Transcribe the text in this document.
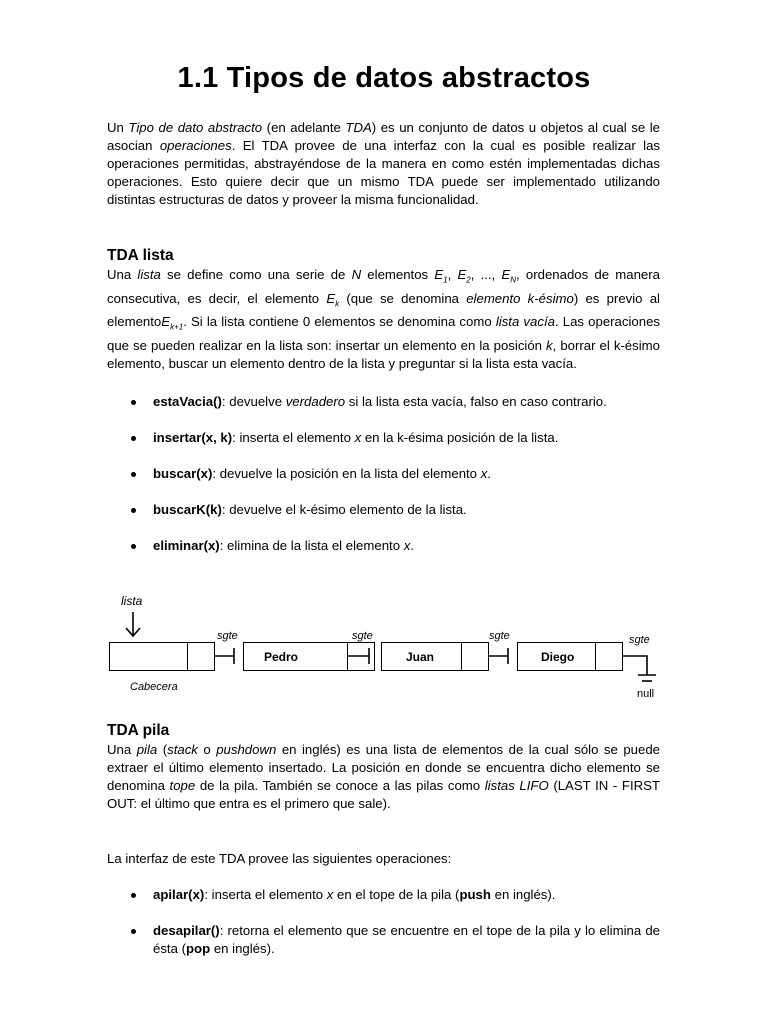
1.1 Tipos de datos abstractos

Un Tipo de dato abstracto (en adelante TDA) es un conjunto de datos u objetos al cual se le asocian operaciones. El TDA provee de una interfaz con la cual es posible realizar las operaciones permitidas, abstrayéndose de la manera en como estén implementadas dichas operaciones. Esto quiere decir que un mismo TDA puede ser implementado utilizando distintas estructuras de datos y proveer la misma funcionalidad.

TDA lista

Una lista se define como una serie de N elementos $E_1$, $E_2$, ..., $E_N$, ordenados de manera consecutiva, es decir, el elemento $E_k$ (que se denomina elemento k-ésimo) es previo al elementoE$_{k+1}$. Si la lista contiene 0 elementos se denomina como lista vacía. Las operaciones que se pueden realizar en la lista son: insertar un elemento en la posición k, borrar el k-ésimo elemento, buscar un elemento dentro de la lista y preguntar si la lista esta vacía.

estaVacia(): devuelve verdadero si la lista esta vacía, falso en caso contrario.
insertar(x, k): inserta el elemento x en la k-ésima posición de la lista.
buscar(x): devuelve la posición en la lista del elemento x.
buscarK(k): devuelve el k-ésimo elemento de la lista.
eliminar(x): elimina de la lista el elemento x.
lista
sgte	sgte	sgte	sgte
Pedro	Juan	Diego
Cabecera
null
TDA pila

Una pila (stack o pushdown en inglés) es una lista de elementos de la cual sólo se puede extraer el último elemento insertado. La posición en donde se encuentra dicho elemento se denomina tope de la pila. También se conoce a las pilas como listas LIFO (LAST IN - FIRST OUT: el último que entra es el primero que sale).

La interfaz de este TDA provee las siguientes operaciones:

apilar(x): inserta el elemento x en el tope de la pila (push en inglés).
desapilar(): retorna el elemento que se encuentre en el tope de la pila y lo elimina de ésta (pop en inglés).
